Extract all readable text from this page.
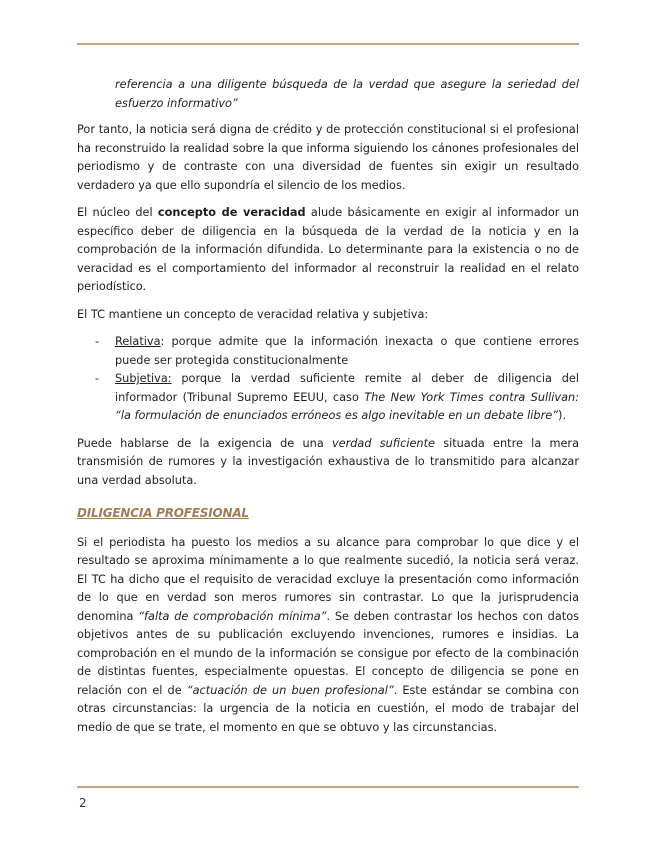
referencia a una diligente búsqueda de la verdad que asegure la seriedad del esfuerzo informativo”

Por tanto, la noticia será digna de crédito y de protección constitucional si el profesional ha reconstruido la realidad sobre la que informa siguiendo los cánones profesionales del periodismo y de contraste con una diversidad de fuentes sin exigir un resultado verdadero ya que ello supondría el silencio de los medios.

El núcleo del concepto de veracidad alude básicamente en exigir al informador un específico deber de diligencia en la búsqueda de la verdad de la noticia y en la comprobación de la información difundida. Lo determinante para la existencia o no de veracidad es el comportamiento del informador al reconstruir la realidad en el relato periodístico.

El TC mantiene un concepto de veracidad relativa y subjetiva:

- Relativa: porque admite que la información inexacta o que contiene errores puede ser protegida constitucionalmente
- Subjetiva: porque la verdad suficiente remite al deber de diligencia del informador (Tribunal Supremo EEUU, caso The New York Times contra Sullivan: “la formulación de enunciados erróneos es algo inevitable en un debate libre”).

Puede hablarse de la exigencia de una verdad suficiente situada entre la mera transmisión de rumores y la investigación exhaustiva de lo transmitido para alcanzar una verdad absoluta.

DILIGENCIA PROFESIONAL

Si el periodista ha puesto los medios a su alcance para comprobar lo que dice y el resultado se aproxima mínimamente a lo que realmente sucedió, la noticia será veraz. El TC ha dicho que el requisito de veracidad excluye la presentación como información de lo que en verdad son meros rumores sin contrastar. Lo que la jurisprudencia denomina “falta de comprobación mínima”. Se deben contrastar los hechos con datos objetivos antes de su publicación excluyendo invenciones, rumores e insidias. La comprobación en el mundo de la información se consigue por efecto de la combinación de distintas fuentes, especialmente opuestas. El concepto de diligencia se pone en relación con el de “actuación de un buen profesional”. Este estándar se combina con otras circunstancias: la urgencia de la noticia en cuestión, el modo de trabajar del medio de que se trate, el momento en que se obtuvo y las circunstancias.

2
